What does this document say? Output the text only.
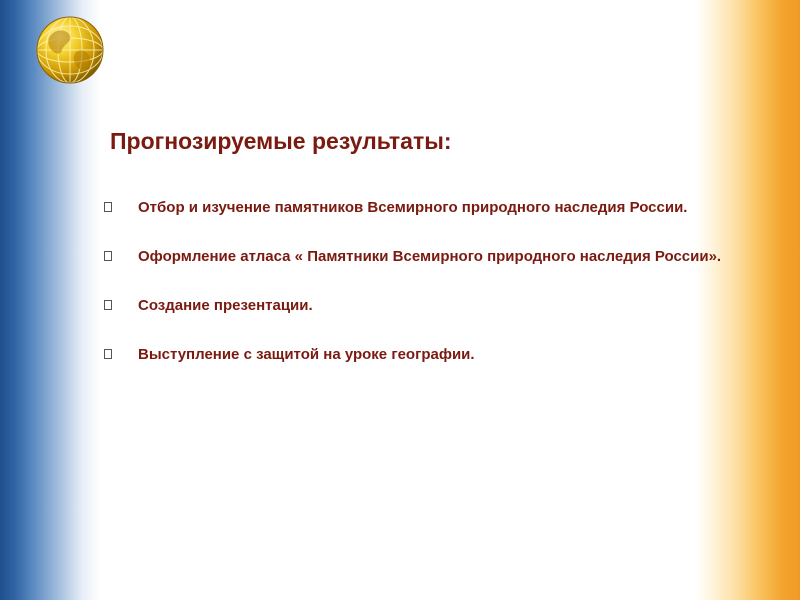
Прогнозируемые результаты:
Отбор и изучение памятников Всемирного природного наследия России.
Оформление атласа « Памятники Всемирного природного наследия России».
Создание презентации.
Выступление с защитой на уроке географии.
